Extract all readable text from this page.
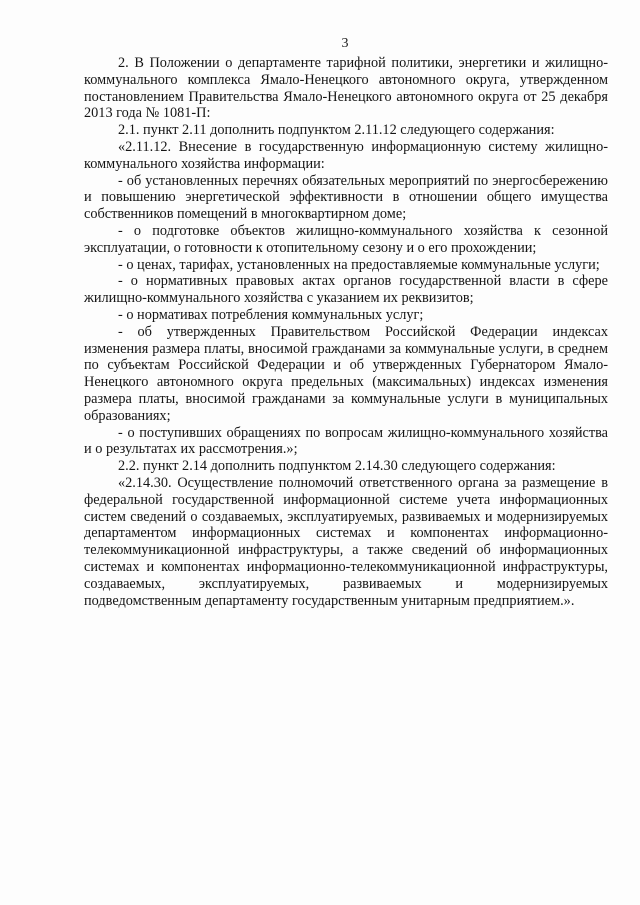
3

2. В Положении о департаменте тарифной политики, энергетики и жилищно-коммунального комплекса Ямало-Ненецкого автономного округа, утвержденном постановлением Правительства Ямало-Ненецкого автономного округа от 25 декабря 2013 года № 1081-П:

2.1. пункт 2.11 дополнить подпунктом 2.11.12 следующего содержания:

«2.11.12. Внесение в государственную информационную систему жилищно-коммунального хозяйства информации:

- об установленных перечнях обязательных мероприятий по энергосбережению и повышению энергетической эффективности в отношении общего имущества собственников помещений в многоквартирном доме;

- о подготовке объектов жилищно-коммунального хозяйства к сезонной эксплуатации, о готовности к отопительному сезону и о его прохождении;

- о ценах, тарифах, установленных на предоставляемые коммунальные услуги;

- о нормативных правовых актах органов государственной власти в сфере жилищно-коммунального хозяйства с указанием их реквизитов;

- о нормативах потребления коммунальных услуг;

- об утвержденных Правительством Российской Федерации индексах изменения размера платы, вносимой гражданами за коммунальные услуги, в среднем по субъектам Российской Федерации и об утвержденных Губернатором Ямало-Ненецкого автономного округа предельных (максимальных) индексах изменения размера платы, вносимой гражданами за коммунальные услуги в муниципальных образованиях;

- о поступивших обращениях по вопросам жилищно-коммунального хозяйства и о результатах их рассмотрения.»;

2.2. пункт 2.14 дополнить подпунктом 2.14.30 следующего содержания:

«2.14.30. Осуществление полномочий ответственного органа за размещение в федеральной государственной информационной системе учета информационных систем сведений о создаваемых, эксплуатируемых, развиваемых и модернизируемых департаментом информационных системах и компонентах информационно-телекоммуникационной инфраструктуры, а также сведений об информационных системах и компонентах информационно-телекоммуникационной инфраструктуры, создаваемых, эксплуатируемых, развиваемых и модернизируемых подведомственным департаменту государственным унитарным предприятием.».
